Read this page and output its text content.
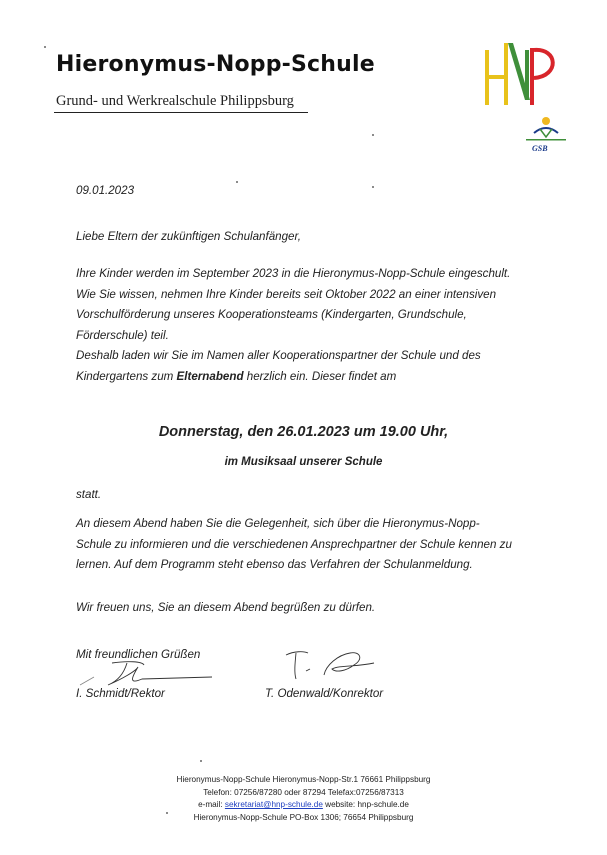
Hieronymus-Nopp-Schule
Grund- und Werkrealschule Philippsburg
GSB
09.01.2023
Liebe Eltern der zukünftigen Schulanfänger,
Ihre Kinder werden im September 2023 in die Hieronymus-Nopp-Schule eingeschult.
Wie Sie wissen, nehmen Ihre Kinder bereits seit Oktober 2022 an einer intensiven
Vorschulförderung unseres Kooperationsteams (Kindergarten, Grundschule,
Förderschule) teil.
Deshalb laden wir Sie im Namen aller Kooperationspartner der Schule und des
Kindergartens zum Elternabend herzlich ein. Dieser findet am
Donnerstag, den 26.01.2023 um 19.00 Uhr,
im Musiksaal unserer Schule
statt.
An diesem Abend haben Sie die Gelegenheit, sich über die Hieronymus-Nopp-
Schule zu informieren und die verschiedenen Ansprechpartner der Schule kennen zu
lernen. Auf dem Programm steht ebenso das Verfahren der Schulanmeldung.
Wir freuen uns, Sie an diesem Abend begrüßen zu dürfen.
Mit freundlichen Grüßen
I. Schmidt/Rektor	T. Odenwald/Konrektor
Hieronymus-Nopp-Schule Hieronymus-Nopp-Str.1 76661 Philippsburg
Telefon: 07256/87280 oder 87294 Telefax:07256/87313
e-mail: sekretariat@hnp-schule.de website: hnp-schule.de
Hieronymus-Nopp-Schule PO-Box 1306; 76654 Philippsburg
